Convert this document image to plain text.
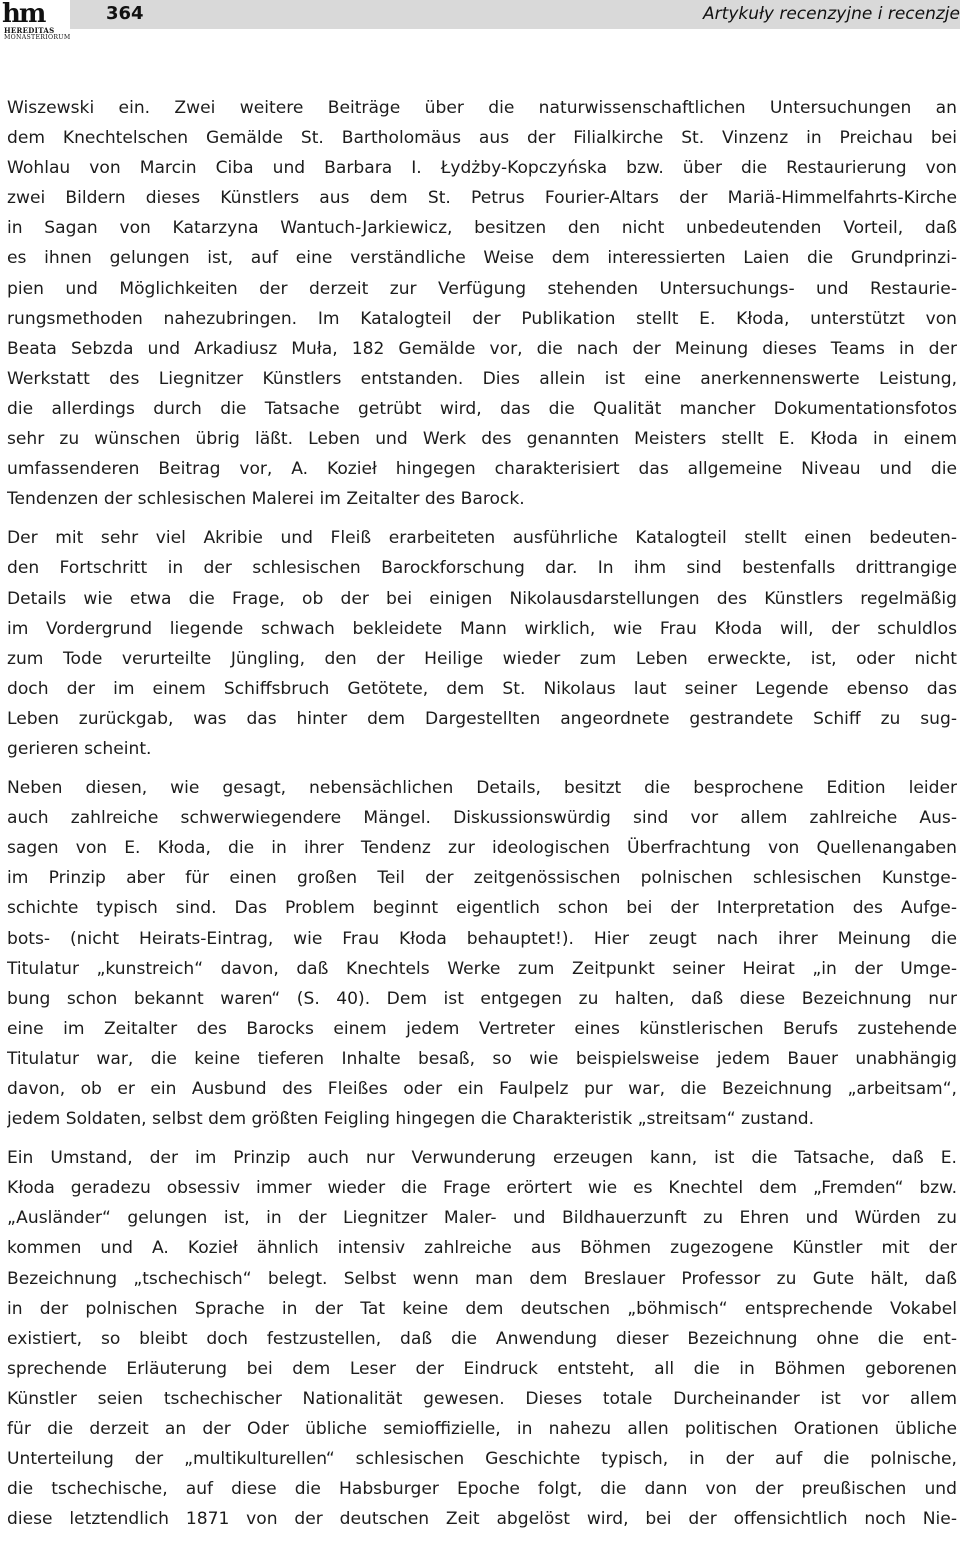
hm
HEREDITAS
MONASTERIORUM
364	Artykuły recenzyjne i recenzje

Wiszewski ein. Zwei weitere Beiträge über die naturwissenschaftlichen Untersuchungen an
dem Knechtelschen Gemälde St. Bartholomäus aus der Filialkirche St. Vinzenz in Preichau bei
Wohlau von Marcin Ciba und Barbara I. Łydżby-Kopczyńska bzw. über die Restaurierung von
zwei Bildern dieses Künstlers aus dem St. Petrus Fourier-Altars der Mariä-Himmelfahrts-Kirche
in Sagan von Katarzyna Wantuch-Jarkiewicz, besitzen den nicht unbedeutenden Vorteil, daß
es ihnen gelungen ist, auf eine verständliche Weise dem interessierten Laien die Grundprinzi-
pien und Möglichkeiten der derzeit zur Verfügung stehenden Untersuchungs- und Restaurie-
rungsmethoden nahezubringen. Im Katalogteil der Publikation stellt E. Kłoda, unterstützt von
Beata Sebzda und Arkadiusz Muła, 182 Gemälde vor, die nach der Meinung dieses Teams in der
Werkstatt des Liegnitzer Künstlers entstanden. Dies allein ist eine anerkennenswerte Leistung,
die allerdings durch die Tatsache getrübt wird, das die Qualität mancher Dokumentationsfotos
sehr zu wünschen übrig läßt. Leben und Werk des genannten Meisters stellt E. Kłoda in einem
umfassenderen Beitrag vor, A. Kozieł hingegen charakterisiert das allgemeine Niveau und die
Tendenzen der schlesischen Malerei im Zeitalter des Barock.

Der mit sehr viel Akribie und Fleiß erarbeiteten ausführliche Katalogteil stellt einen bedeuten-
den Fortschritt in der schlesischen Barockforschung dar. In ihm sind bestenfalls drittrangige
Details wie etwa die Frage, ob der bei einigen Nikolausdarstellungen des Künstlers regelmäßig
im Vordergrund liegende schwach bekleidete Mann wirklich, wie Frau Kłoda will, der schuldlos
zum Tode verurteilte Jüngling, den der Heilige wieder zum Leben erweckte, ist, oder nicht
doch der im einem Schiffsbruch Getötete, dem St. Nikolaus laut seiner Legende ebenso das
Leben zurückgab, was das hinter dem Dargestellten angeordnete gestrandete Schiff zu sug-
gerieren scheint.

Neben diesen, wie gesagt, nebensächlichen Details, besitzt die besprochene Edition leider
auch zahlreiche schwerwiegendere Mängel. Diskussionswürdig sind vor allem zahlreiche Aus-
sagen von E. Kłoda, die in ihrer Tendenz zur ideologischen Überfrachtung von Quellenangaben
im Prinzip aber für einen großen Teil der zeitgenössischen polnischen schlesischen Kunstge-
schichte typisch sind. Das Problem beginnt eigentlich schon bei der Interpretation des Aufge-
bots- (nicht Heirats-Eintrag, wie Frau Kłoda behauptet!). Hier zeugt nach ihrer Meinung die
Titulatur „kunstreich“ davon, daß Knechtels Werke zum Zeitpunkt seiner Heirat „in der Umge-
bung schon bekannt waren“ (S. 40). Dem ist entgegen zu halten, daß diese Bezeichnung nur
eine im Zeitalter des Barocks einem jedem Vertreter eines künstlerischen Berufs zustehende
Titulatur war, die keine tieferen Inhalte besaß, so wie beispielsweise jedem Bauer unabhängig
davon, ob er ein Ausbund des Fleißes oder ein Faulpelz pur war, die Bezeichnung „arbeitsam“,
jedem Soldaten, selbst dem größten Feigling hingegen die Charakteristik „streitsam“ zustand.

Ein Umstand, der im Prinzip auch nur Verwunderung erzeugen kann, ist die Tatsache, daß E.
Kłoda geradezu obsessiv immer wieder die Frage erörtert wie es Knechtel dem „Fremden“ bzw.
„Ausländer“ gelungen ist, in der Liegnitzer Maler- und Bildhauerzunft zu Ehren und Würden zu
kommen und A. Kozieł ähnlich intensiv zahlreiche aus Böhmen zugezogene Künstler mit der
Bezeichnung „tschechisch“ belegt. Selbst wenn man dem Breslauer Professor zu Gute hält, daß
in der polnischen Sprache in der Tat keine dem deutschen „böhmisch“ entsprechende Vokabel
existiert, so bleibt doch festzustellen, daß die Anwendung dieser Bezeichnung ohne die ent-
sprechende Erläuterung bei dem Leser der Eindruck entsteht, all die in Böhmen geborenen
Künstler seien tschechischer Nationalität gewesen. Dieses totale Durcheinander ist vor allem
für die derzeit an der Oder übliche semioffizielle, in nahezu allen politischen Orationen übliche
Unterteilung der „multikulturellen“ schlesischen Geschichte typisch, in der auf die polnische,
die tschechische, auf diese die Habsburger Epoche folgt, die dann von der preußischen und
diese letztendlich 1871 von der deutschen Zeit abgelöst wird, bei der offensichtlich noch Nie-
